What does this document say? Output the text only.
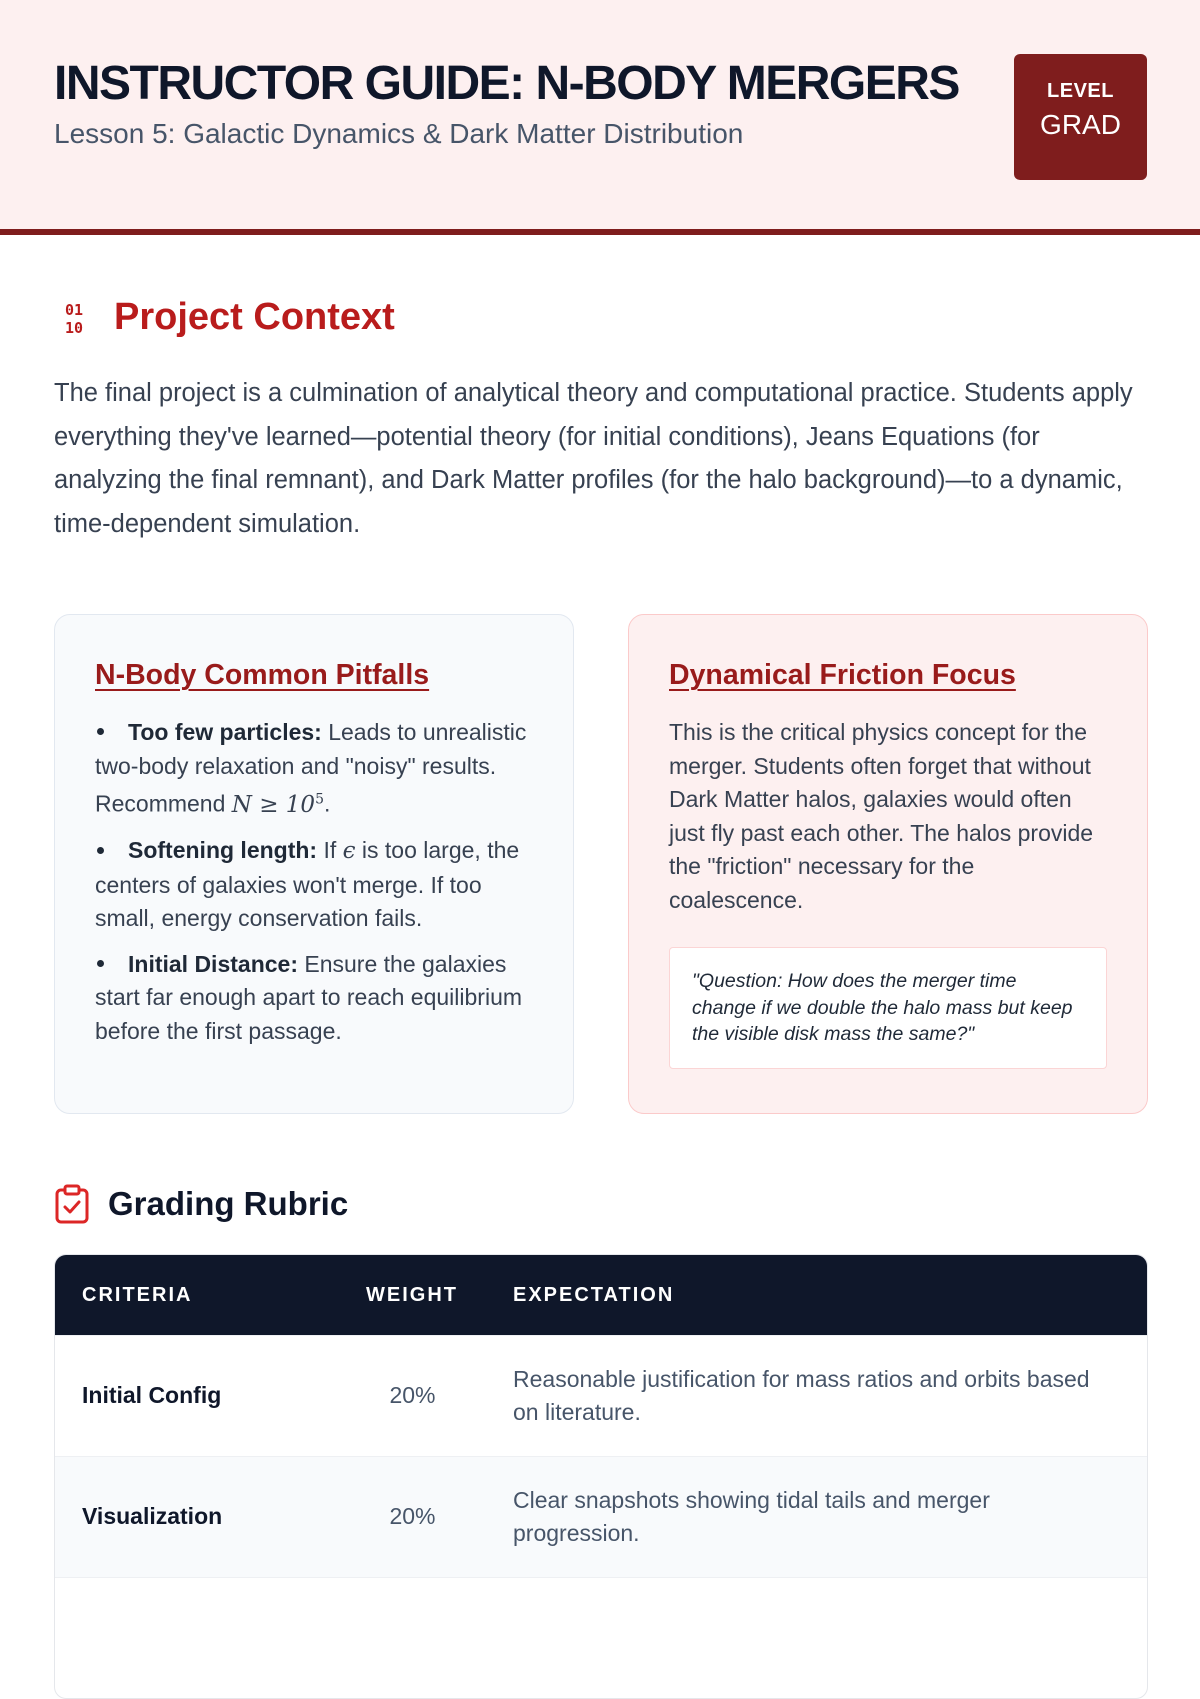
INSTRUCTOR GUIDE: N-BODY MERGERS

Lesson 5: Galactic Dynamics & Dark Matter Distribution

LEVEL
GRAD
01
10 Project Context

The final project is a culmination of analytical theory and computational practice. Students apply everything they've learned—potential theory (for initial conditions), Jeans Equations (for analyzing the final remnant), and Dark Matter profiles (for the halo background)—to a dynamic, time-dependent simulation.

N-Body Common Pitfalls
Too few particles: Leads to unrealistic two-body relaxation and "noisy" results. Recommend $N \ge 10^5$.
Softening length: If ϵ is too large, the centers of galaxies won't merge. If too small, energy conservation fails.
Initial Distance: Ensure the galaxies start far enough apart to reach equilibrium before the first passage.
Dynamical Friction Focus

This is the critical physics concept for the merger. Students often forget that without Dark Matter halos, galaxies would often just fly past each other. The halos provide the "friction" necessary for the coalescence.

"Question: How does the merger time change if we double the halo mass but keep the visible disk mass the same?"
Grading Rubric
CRITERIA	WEIGHT	EXPECTATION
Initial Config	20%	Reasonable justification for mass ratios and orbits based on literature.
Visualization	20%	Clear snapshots showing tidal tails and merger progression.
